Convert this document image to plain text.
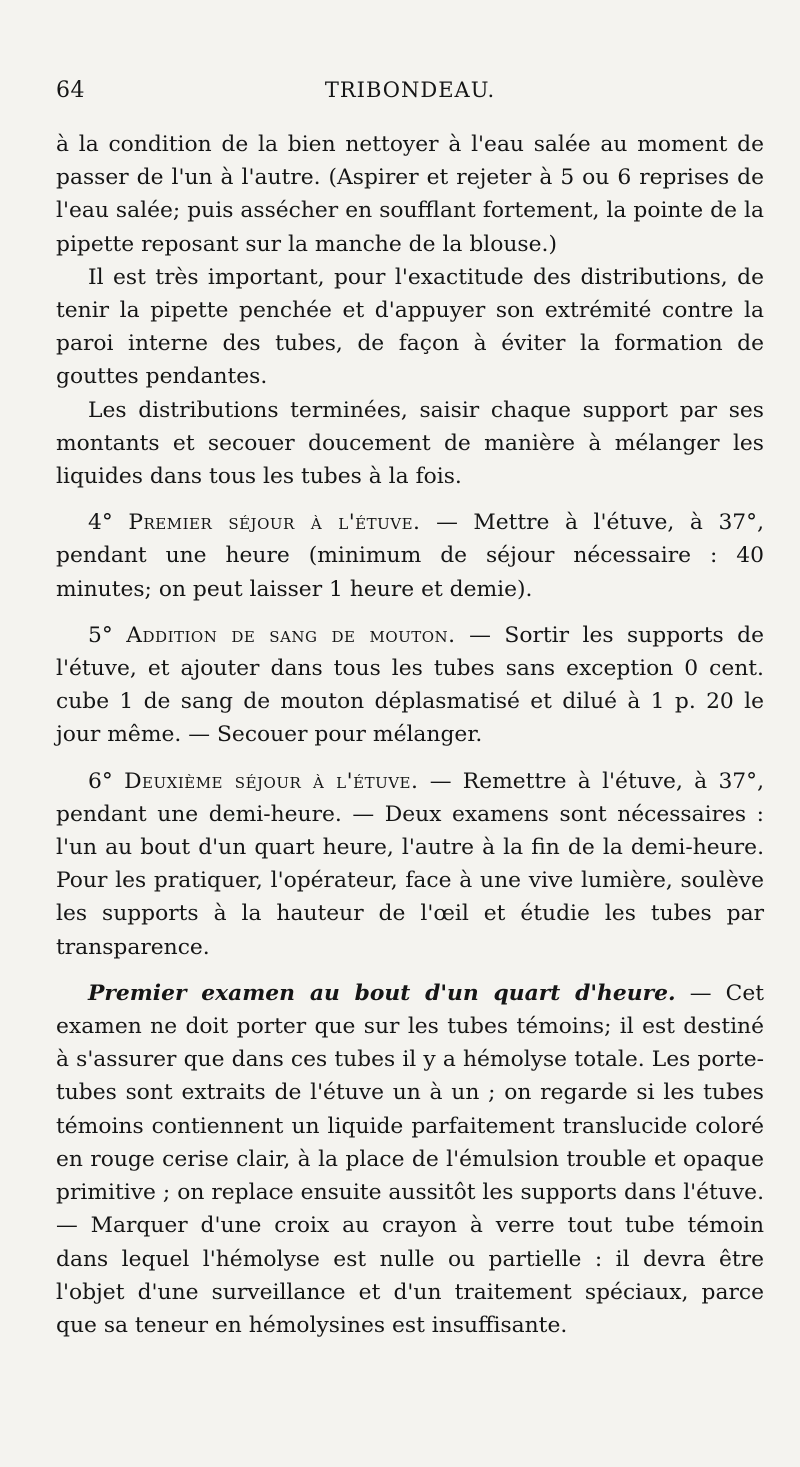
64	TRIBONDEAU.

à la condition de la bien nettoyer à l'eau salée au moment de passer de l'un à l'autre. (Aspirer et rejeter à 5 ou 6 reprises de l'eau salée; puis assécher en soufflant fortement, la pointe de la pipette reposant sur la manche de la blouse.)

Il est très important, pour l'exactitude des distributions, de tenir la pipette penchée et d'appuyer son extrémité contre la paroi interne des tubes, de façon à éviter la formation de gouttes pendantes.

Les distributions terminées, saisir chaque support par ses montants et secouer doucement de manière à mélanger les liquides dans tous les tubes à la fois.

4° Premier séjour à l'étuve. — Mettre à l'étuve, à 37°, pendant une heure (minimum de séjour nécessaire : 40 minutes; on peut laisser 1 heure et demie).

5° Addition de sang de mouton. — Sortir les supports de l'étuve, et ajouter dans tous les tubes sans exception 0 cent. cube 1 de sang de mouton déplasmatisé et dilué à 1 p. 20 le jour même. — Secouer pour mélanger.

6° Deuxième séjour à l'étuve. — Remettre à l'étuve, à 37°, pendant une demi-heure. — Deux examens sont nécessaires : l'un au bout d'un quart heure, l'autre à la fin de la demi-heure. Pour les pratiquer, l'opérateur, face à une vive lumière, soulève les supports à la hauteur de l'œil et étudie les tubes par transparence.

Premier examen au bout d'un quart d'heure. — Cet examen ne doit porter que sur les tubes témoins; il est destiné à s'assurer que dans ces tubes il y a hémolyse totale. Les porte-tubes sont extraits de l'étuve un à un ; on regarde si les tubes témoins contiennent un liquide parfaitement translucide coloré en rouge cerise clair, à la place de l'émulsion trouble et opaque primitive ; on replace ensuite aussitôt les supports dans l'étuve. — Marquer d'une croix au crayon à verre tout tube témoin dans lequel l'hémolyse est nulle ou partielle : il devra être l'objet d'une surveillance et d'un traitement spéciaux, parce que sa teneur en hémolysines est insuffisante.
